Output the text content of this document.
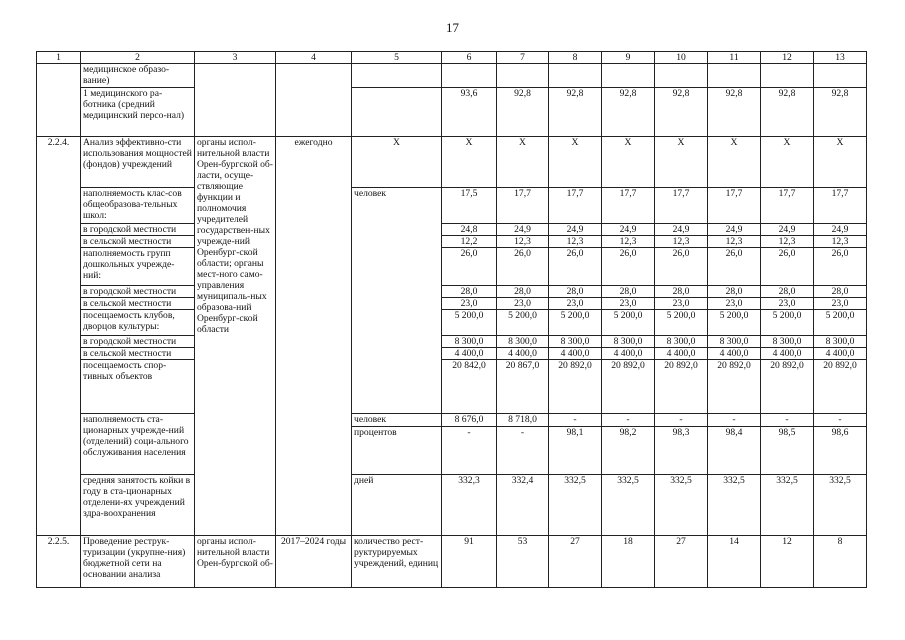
17
1	2	3	4	5	6	7	8	9	10	11	12	13
	медицинское образо-вание)											
	1 медицинского ра-ботника (средний медицинский персо-нал)				93,6	92,8	92,8	92,8	92,8	92,8	92,8	92,8
2.2.4.	Анализ эффективно-сти использования мощностей (фондов) учреждений	органы испол-нительной власти Орен-бургской об-ласти, осуще-ствляющие функции и полномочия учредителей государствен-ных учрежде-ний Оренбург-ской области; органы мест-ного само-управления муниципаль-ных образова-ний Оренбург-ской области	ежегодно	Х	Х	Х	Х	Х	Х	Х	Х	Х
	наполняемость клас-сов общеобразова-тельных школ:			человек	17,5	17,7	17,7	17,7	17,7	17,7	17,7	17,7
	в городской местности				24,8	24,9	24,9	24,9	24,9	24,9	24,9	24,9
	в сельской местности				12,2	12,3	12,3	12,3	12,3	12,3	12,3	12,3
	наполняемость групп дошкольных учрежде-ний:				26,0	26,0	26,0	26,0	26,0	26,0	26,0	26,0
	в городской местности				28,0	28,0	28,0	28,0	28,0	28,0	28,0	28,0
	в сельской местности				23,0	23,0	23,0	23,0	23,0	23,0	23,0	23,0
	посещаемость клубов, дворцов культуры:				5 200,0	5 200,0	5 200,0	5 200,0	5 200,0	5 200,0	5 200,0	5 200,0
	в городской местности				8 300,0	8 300,0	8 300,0	8 300,0	8 300,0	8 300,0	8 300,0	8 300,0
	в сельской местности				4 400,0	4 400,0	4 400,0	4 400,0	4 400,0	4 400,0	4 400,0	4 400,0
	посещаемость спор-тивных объектов				20 842,0	20 867,0	20 892,0	20 892,0	20 892,0	20 892,0	20 892,0	20 892,0
	наполняемость ста-ционарных учрежде-ний (отделений) соци-ального обслуживания населения			человек	8 676,0	8 718,0	-	-	-	-	-	-
				процентов	-	-	98,1	98,2	98,3	98,4	98,5	98,6
	средняя занятость койки в году в ста-ционарных отделени-ях учреждений здра-воохранения			дней	332,3	332,4	332,5	332,5	332,5	332,5	332,5	332,5
2.2.5.	Проведение реструк-туризации (укрупне-ния) бюджетной сети на основании анализа	органы испол-нительной власти Орен-бургской об-	2017–2024 годы	количество рест-руктурируемых учреждений, единиц	91	53	27	18	27	14	12	8
